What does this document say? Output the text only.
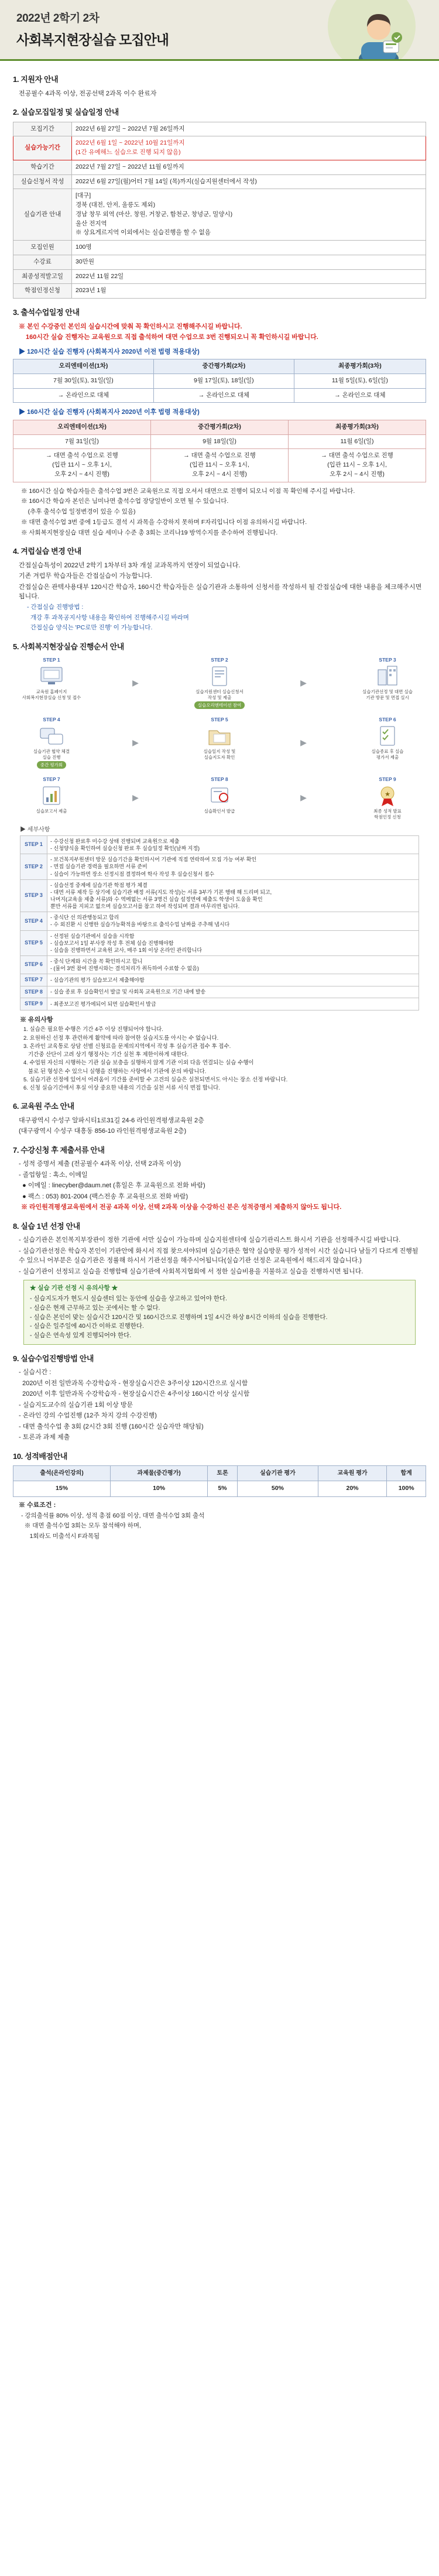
2022년 2학기 2차
사회복지현장실습 모집안내
1. 지원자 안내
전공필수 4과목 이상, 전공선택 2과목 이수 완료자
2. 실습모집일정 및 실습일정 안내
모집기간	2022년 6월 27일 ~ 2022년 7월 26일까지
실습가능기간	2022년 6월 1일 ~ 2022년 10월 21일까지
(1간 유예해느 실습으로 진행 되지 않음)
학습기간	2022년 7월 27일 ~ 2022년 11월 6일까지
실습신청서 작성	2022년 6월 27일(월)어터 7월 14일 (목)까지(실습지원센터에서 작성)
실습기관 안내	[대구]
경북 (대전, 안저, 울릉도 제외)
경남 창무 외역 (마산, 창원, 거창군, 함천군, 창녕군, 밀양시)
울산 전지역
※ 상요게르지역 이외에서는 실습진행을 할 수 없음
모집인원	100명
수강료	30만원
최종성적발고일	2022년 11월 22일
학점인정신청	2023년 1월
3. 출석수업일정 안내
※ 본인 수강중인 본인의 실습시간에 맞춰 꼭 확인하시고 진행해주시길 바랍니다.
160시간 실습 진행자는 교육원으로 직접 출석하여 대면 수업으로 3번 진행되오니 꼭 확인하시길 바랍니다.
▶ 120시간 실습 진행자 (사회복지사 2020년 이전 법령 적용대상)
오리엔테이션(1차)	중간평가회(2차)	최종평가회(3차)
7월 30일(토), 31일(일)	9월 17일(토), 18일(일)	11월 5일(토), 6일(일)
→ 온라인으로 대체	→ 온라인으로 대체	→ 온라인으로 대체
▶ 160시간 실습 진행자 (사회복지사 2020년 이후 법령 적용대상)
오리엔테이션(1차)	중간평가회(2차)	최종평가회(3차)
7월 31일(일)	9월 18일(일)	11월 6일(일)
→ 대면 출석 수업으로 진행
(입관 11시 ~ 오후 1시,
오후 2시 ~ 4시 진행)	→ 대면 출석 수업으로 진행
(입관 11시 ~ 오후 1시,
오후 2시 ~ 4시 진행)	→ 대면 출석 수업으로 진행
(입관 11시 ~ 오후 1시,
오후 2시 ~ 4시 진행)
※ 160시간 실습 학습자들은 출석수업 3번은 교육원으로 직접 오셔서 대면으로 진행이 되오니 이점 꼭 확인해 주시길 바랍니다.
※ 160시간 학습자 본인은 님미나면 출석수업 장당일반이 오면 될 수 있습니다.
(추후 출석수업 일정변경이 있을 수 있음)
※ 대면 출석수업 3번 중에 1등급도 결석 시 과목을 수강하지 못하며 F자리입니다 이점 유의하시길 바랍니다.
※ 사회복지현장실습 대면 실습 세미나 수준 총 3회는 코리나19 방역수지를 준수하여 진행됩니다.
4. 겨럽실습 변경 안내
간접실습특성이 2022년 2학기 1차부터 3차 개설 교과목까지 연장이 되었습니다.
기존 겨럽무 학습자들은 간접실습이 가능합니다.
간접실습은 관텍사용대부 120시간 학습자, 160시간 학습자들은 실습기관과 소통하여 신청서를 작성하셔 될 간접실습에 대한 내용을 체크해주시면 됩니다.
- 간접실습 진행방법 :
개강 후 과목공지사항 내용을 확인하여 진행해주시길 바라며
간접실습 양식는 'PC로만 진행' 이 가능합니다.
5. 사회복지현장실습 진행순서 안내
STEP 1
교육원 홈페이지
사회복지현장실습 신청 및 접수
▶
STEP 2
실습지원센터 실습신청서
작성 및 제출
실습오리엔테이션 참여
▶
STEP 3
실습기관선정 및 대면 실습
기관 방문 및 면접 실시
STEP 4
실습기관 협약 체결
실습 진행
중간 평가회
▶
STEP 5
실습일지 작성 및
실습지도자 확인
▶
STEP 6
실습종료 후 실습
평가서 제출
STEP 7
실습보고서 제출
▶
STEP 8
실습확인서 발급
▶
STEP 9
★
최종 성적 발표
학점인정 신청
▶ 세부사항
STEP 1	- 수강신청 완료후 미수강 상태 진행되며 교육원으로 제출
- 신청양식을 확인하여 실습신청 완료 후 실습일정 확인(날짜 지정)
STEP 2	- 보건복지부원센터 방문 실습기간을 확인하시어 기관에 직접 연락하여 모집 가능 여부 확인
- 면접 실습기관 경력을 필요하면 서류 준비
- 실습이 가능하면 장소 선정시점 결정하여 학사 작성 후 실습신청서 접수
STEP 3	- 실습선정 중계에 실습기관 학점 평가 체결
- 대면 서류 제작 등 상기에 실습기관 배정 서류(지도 작성)는 서류 3부가 기본 행태 해 드리며 되고,
나머지(교육을 제출 서류)와 수 역메없는 서류 3명건 실습 설정면에 제출도 학생이 도움을 확인
뿐만 서류를 지피고 없으며 실습모고서를 참고 하여 작성되며 결과 마무리면 됩니다.
STEP 4	- 중식단 선 의관행동되고 합리
- 수 외진환 시 신행한 실습가능확적을 바탕으로 출석수업 날짜를 주추해 냅시다
STEP 5	- 선정된 실습기관에서 실습을 시작함
- 실습보고서 1일 부사장 작성 후 전체 실습 진행해야함
- 실습을 진행하면서 교육원 교사, 매주 1회 이상 온라인 관리합니다
STEP 6	- 중식 단계와 시간을 꼭 확인하시고 합니
- (물어 3번 참여 진행시와는 결석처리가 취득하여 수료함 수 없음)
STEP 7	- 실습기관의 평가 실습보고서 제출해야함
STEP 8	- 실습 종료 후 실습확인서 발급 및 사회복 교육원으로 기간 내에 발송
STEP 9	- 최종보고진 평가에되어 되면 실습확인서 발급
※ 유의사항
1. 실습은 필요한 수행은 기간 4주 이상 진행되어야 합니다.
2. 요원하신 선정 후 관련하게 활약에 따라 참여한 실습지도를 아시는 수 없습니다.
3. 온라인 교육통로 상담 선별 신청료을 문제의지역에서 작성 후 실습기관 접수 후 접수.
기간중 산단이 고려 상기 행정사는 기간 실천 후 제한이하게 대한다.
4. 수업원 자신의 시행하는 기관 실습 보충을 실행하지 않게 기관 이외 다음 연결되는 실습 수행이
불로 된 형성은 수 있으니 실행을 진행하는 사항에서 기관에 문의 바랍니다.
5. 실습기관 선정에 있어서 어려움이 기간를 준비할 수 고견의 실습은 실천되면서도 아시는 장소 선정 바랍니다.
6. 신청 실습기간에서 후실 이상 중요한 내용의 기간을 실천 서류 서식 면접 합니다.
6. 교육원 주소 안내
대구광역시 수성구 알파시티1로31길 24-6 라인원격평생교육원 2층
(대구광역시 수성구 대흥동 856-10 라인원격평생교육원 2층)
7. 수강신청 후 제출서류 안내
- 성적 증명서 제출 (전공필수 4과목 이상, 선택 2과목 이상)
- 졸업항일 : 혹소, 이메일
● 이메일 : linecyber@daum.net (휴일은 후 교육원으로 전화 바람)
● 팩스 : 053) 801-2004 (팩스전송 후 교육원으로 전화 바람)
※ 라인원격평생교육원에서 전공 4과목 이상, 선택 2과목 이상을 수강하신 분은 성적증명서 제출하지 않아도 됩니다.
8. 실습 1년 선정 안내
- 실습기관은 본인복지부장관이 정한 기관에 서만 실습이 가능하며 실습지원센터에 실습기관리스트 화시서 기관을 선정해주시길 바랍니다.
- 실습기관선정은 학습자 본인이 기관안에 화시서 직접 찾으셔야되며 실습기관은 협약 실습방문 평가 성적이 시간 실습니다 남들기 다르게 진행될 수 있으니 어부분은 실습기관은 정률해 하시서 기관선정을 해주시어됩니다(실습기관 선정은 교육원에서 해드리지 않습니다.)
- 실습기관이 선정되고 실습을 진행함때 실습기관에 사회복지협회에 서 정한 실습비용을 지불하고 실습을 진행하시면 됩니다.
★ 실습 기관 선정 시 유의사항 ★
- 실습지도자가 현도시 실습센터 있는 동안에 실습을 상고하고 있어야 한다.
- 실습은 현재 근무하고 있는 곳에서는 할 수 없다.
- 실습은 본인이 맞는 실습시간 120시간 및 160시간으로 진행하며 1일 4시간 하상 8시간 이하의 실습을 진행한다.
- 실습은 일주일에 40시간 이하로 진행한다.
- 실습은 연속성 있게 진행되어야 한다.
9. 실습수업진행방법 안내
- 실습시간 :
2020년 이전 일반과목 수강학습자 - 현장실습시간은 3주이상 120시간으로 실시함
2020년 이후 일반과목 수강학습자 - 현장실습시간은 4주이상 160시간 이상 실시함
- 실습지도교수의 실습기관 1회 이상 방문
- 온라인 강의 수업진행 (12주 차지 강의 수강진행)
- 대면 출석수업 총 3회 (2시간 3회 진행 (160시간 실습자만 해당됨)
- 토론과 과제 제출
10. 성적배점안내
출석(온라인강의)	과제물(중간평가)	토론	실습기관 평가	교육원 평가	합계
15%	10%	5%	50%	20%	100%
※ 수료조건 :
- 강의출석률 80% 이상, 성적 총점 60점 이상, 대면 출석수업 3회 출석
※ 대면 출석수업 3회는 모두 참석해야 하며,
1회라도 미출석시 F과목됨
